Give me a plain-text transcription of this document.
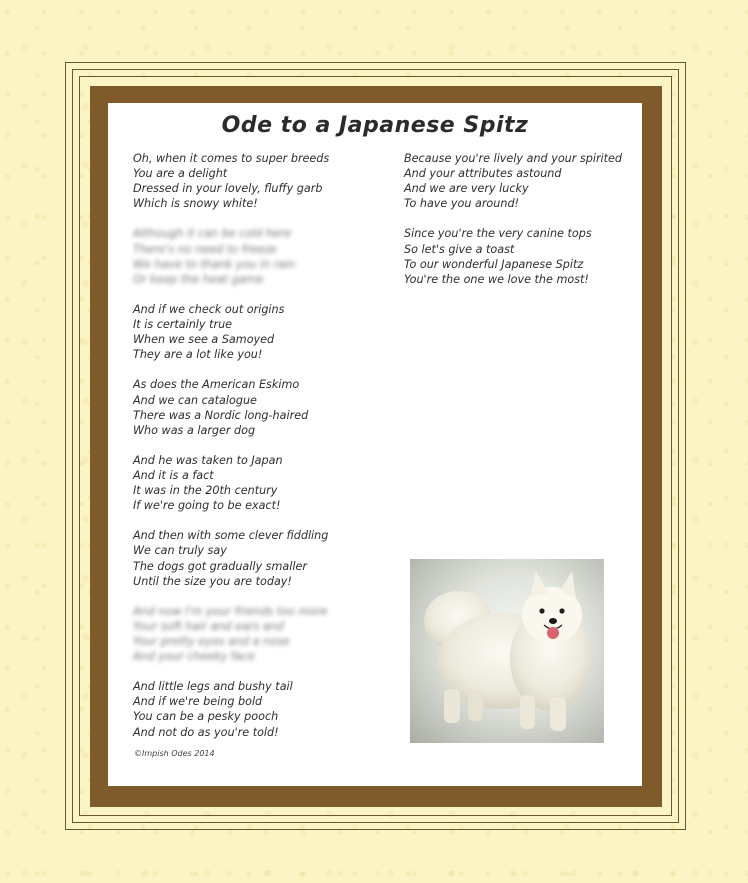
Ode to a Japanese Spitz
Oh, when it comes to super breeds
You are a delight
Dressed in your lovely, fluffy garb
Which is snowy white!
Although it can be cold here
There's no need to freeze
We have to thank you in rain
Or keep the heat game
And if we check out origins
It is certainly true
When we see a Samoyed
They are a lot like you!
As does the American Eskimo
And we can catalogue
There was a Nordic long-haired
Who was a larger dog
And he was taken to Japan
And it is a fact
It was in the 20th century
If we're going to be exact!
And then with some clever fiddling
We can truly say
The dogs got gradually smaller
Until the size you are today!
And now I'm your friends too more
Your soft hair and ears and
Your pretty eyes and a nose
And your cheeky face
And little legs and bushy tail
And if we're being bold
You can be a pesky pooch
And not do as you're told!
Because you're lively and your spirited
And your attributes astound
And we are very lucky
To have you around!
Since you're the very canine tops
So let's give a toast
To our wonderful Japanese Spitz
You're the one we love the most!
©Impish Odes 2014
